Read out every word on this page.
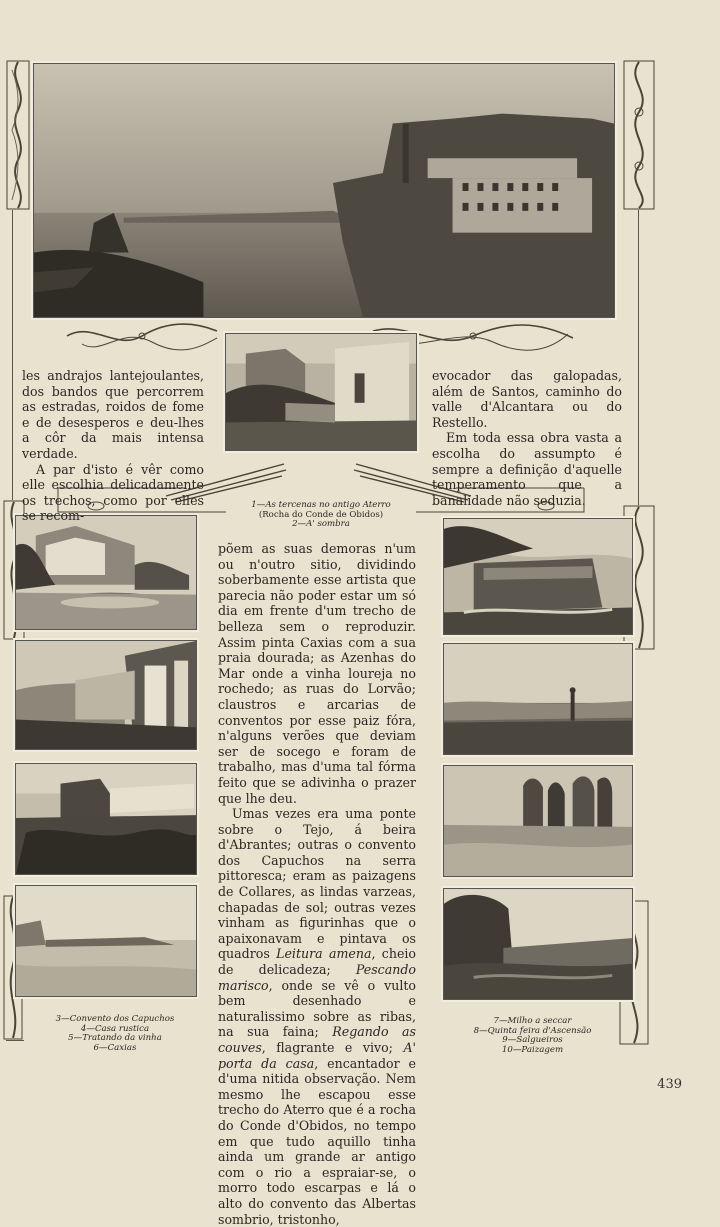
les andrajos lantejoulantes, dos bandos que percorrem as estradas, roidos de fome e de desesperos e deu-lhes a côr da mais intensa verdade.

A par d'isto é vêr como elle escolhia delicadamente os trechos, como por elles se recom-

evocador das galopadas, além de Santos, caminho do valle d'Alcantara ou do Restello.

Em toda essa obra vasta a escolha do assumpto é sempre a definição d'aquelle temperamento que a banalidade não seduzia.

1—As tercenas no antigo Aterro
(Rocha do Conde de Obidos)
2—A' sombra

põem as suas demoras n'um ou n'outro sitio, dividindo soberbamente esse artista que parecia não poder estar um só dia em frente d'um trecho de belleza sem o reproduzir. Assim pinta Caxias com a sua praia dourada; as Azenhas do Mar onde a vinha loureja no rochedo; as ruas do Lorvão; claustros e arcarias de conventos por esse paiz fóra, n'alguns verões que deviam ser de socego e foram de trabalho, mas d'uma tal fórma feito que se adivinha o prazer que lhe deu.

Umas vezes era uma ponte sobre o Tejo, á beira d'Abrantes; outras o convento dos Capuchos na serra pittoresca; eram as paizagens de Collares, as lindas varzeas, chapadas de sol; outras vezes vinham as figurinhas que o apaixonavam e pintava os quadros Leitura amena, cheio de delicadeza; Pescando marisco, onde se vê o vulto bem desenhado e naturalissimo sobre as ribas, na sua faina; Regando as couves, flagrante e vivo; A' porta da casa, encantador e d'uma nitida observação. Nem mesmo lhe escapou esse trecho do Aterro que é a rocha do Conde d'Obidos, no tempo em que tudo aquillo tinha ainda um grande ar antigo com o rio a espraiar-se, o morro todo escarpas e lá o alto do convento das Albertas sombrio, tristonho,

3—Convento dos Capuchos
4—Casa rustica
5—Tratando da vinha
6—Caxias
7—Milho a seccar
8—Quinta feira d'Ascensão
9—Salgueiros
10—Paizagem
439
